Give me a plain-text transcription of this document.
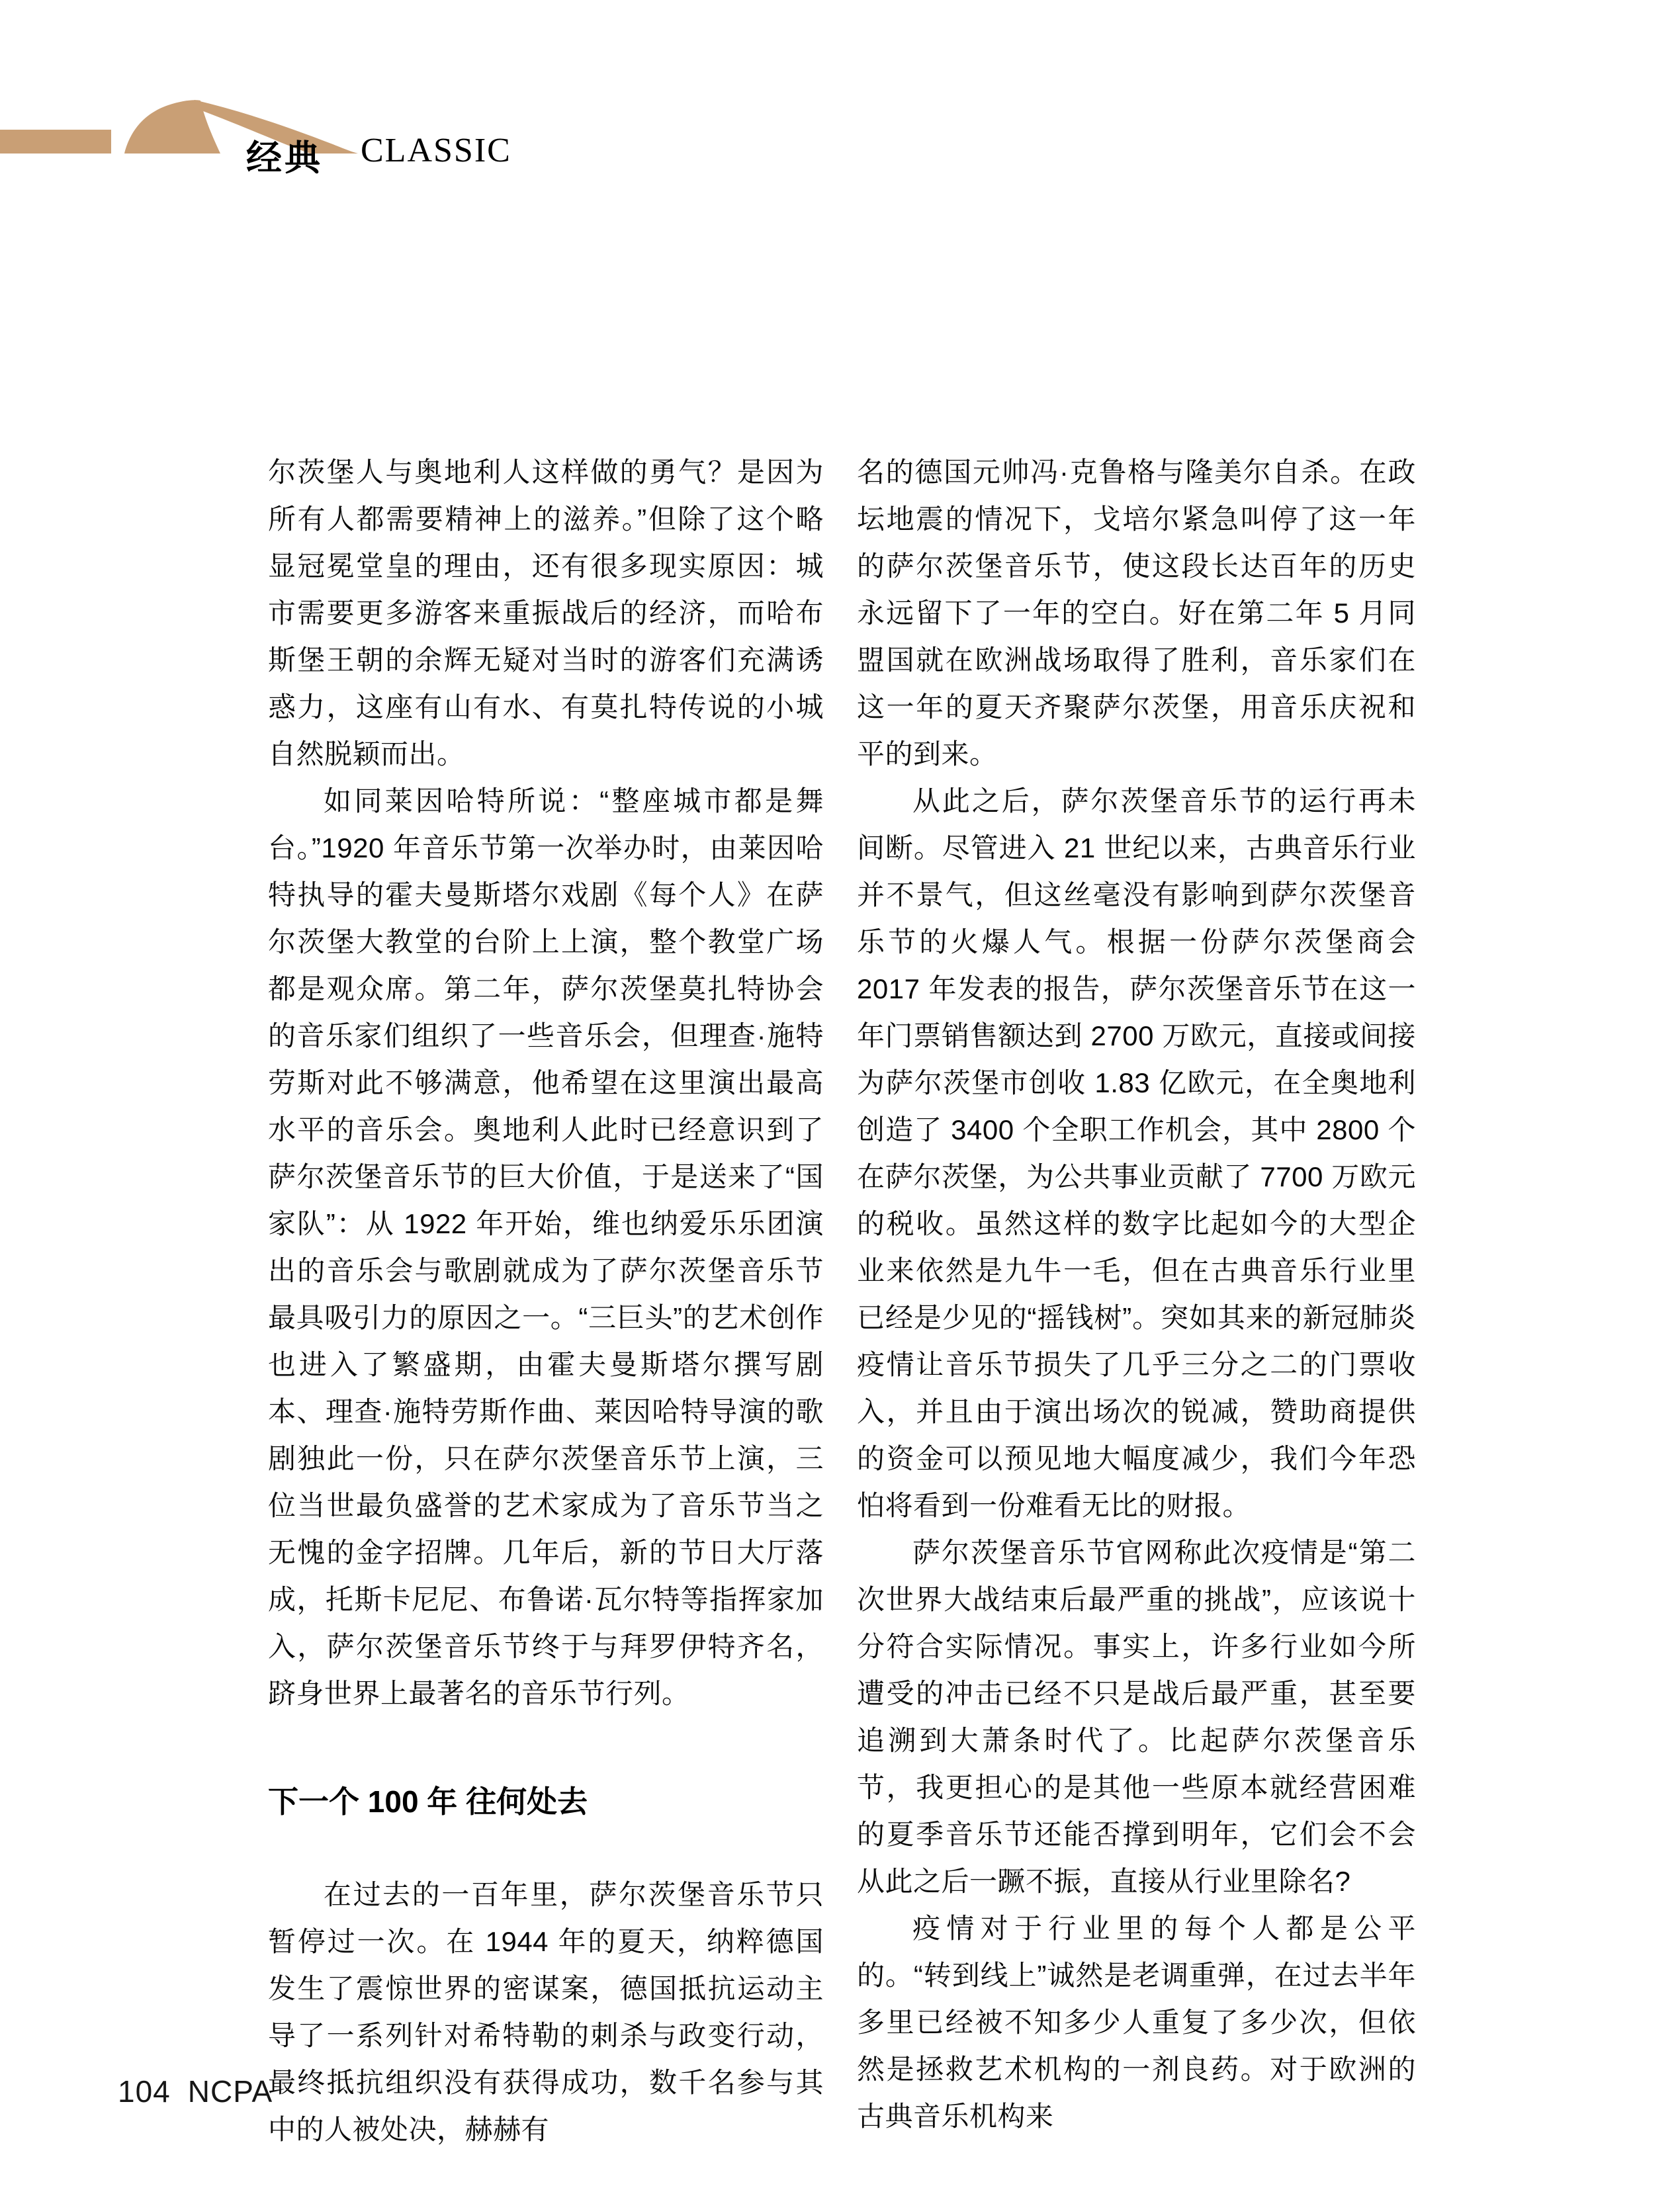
经典 CLASSIC

尔茨堡人与奥地利人这样做的勇气？是因为所有人都需要精神上的滋养。”但除了这个略显冠冕堂皇的理由，还有很多现实原因：城市需要更多游客来重振战后的经济，而哈布斯堡王朝的余辉无疑对当时的游客们充满诱惑力，这座有山有水、有莫扎特传说的小城自然脱颖而出。

如同莱因哈特所说：“整座城市都是舞台。”1920 年音乐节第一次举办时，由莱因哈特执导的霍夫曼斯塔尔戏剧《每个人》在萨尔茨堡大教堂的台阶上上演，整个教堂广场都是观众席。第二年，萨尔茨堡莫扎特协会的音乐家们组织了一些音乐会，但理查·施特劳斯对此不够满意，他希望在这里演出最高水平的音乐会。奥地利人此时已经意识到了萨尔茨堡音乐节的巨大价值，于是送来了“国家队”：从 1922 年开始，维也纳爱乐乐团演出的音乐会与歌剧就成为了萨尔茨堡音乐节最具吸引力的原因之一。“三巨头”的艺术创作也进入了繁盛期，由霍夫曼斯塔尔撰写剧本、理查·施特劳斯作曲、莱因哈特导演的歌剧独此一份，只在萨尔茨堡音乐节上演，三位当世最负盛誉的艺术家成为了音乐节当之无愧的金字招牌。几年后，新的节日大厅落成，托斯卡尼尼、布鲁诺·瓦尔特等指挥家加入，萨尔茨堡音乐节终于与拜罗伊特齐名，跻身世界上最著名的音乐节行列。

下一个 100 年 往何处去

在过去的一百年里，萨尔茨堡音乐节只暂停过一次。在 1944 年的夏天，纳粹德国发生了震惊世界的密谋案，德国抵抗运动主导了一系列针对希特勒的刺杀与政变行动，最终抵抗组织没有获得成功，数千名参与其中的人被处决，赫赫有

名的德国元帅冯·克鲁格与隆美尔自杀。在政坛地震的情况下，戈培尔紧急叫停了这一年的萨尔茨堡音乐节，使这段长达百年的历史永远留下了一年的空白。好在第二年 5 月同盟国就在欧洲战场取得了胜利，音乐家们在这一年的夏天齐聚萨尔茨堡，用音乐庆祝和平的到来。

从此之后，萨尔茨堡音乐节的运行再未间断。尽管进入 21 世纪以来，古典音乐行业并不景气，但这丝毫没有影响到萨尔茨堡音乐节的火爆人气。根据一份萨尔茨堡商会 2017 年发表的报告，萨尔茨堡音乐节在这一年门票销售额达到 2700 万欧元，直接或间接为萨尔茨堡市创收 1.83 亿欧元，在全奥地利创造了 3400 个全职工作机会，其中 2800 个在萨尔茨堡，为公共事业贡献了 7700 万欧元的税收。虽然这样的数字比起如今的大型企业来依然是九牛一毛，但在古典音乐行业里已经是少见的“摇钱树”。突如其来的新冠肺炎疫情让音乐节损失了几乎三分之二的门票收入，并且由于演出场次的锐减，赞助商提供的资金可以预见地大幅度减少，我们今年恐怕将看到一份难看无比的财报。

萨尔茨堡音乐节官网称此次疫情是“第二次世界大战结束后最严重的挑战”，应该说十分符合实际情况。事实上，许多行业如今所遭受的冲击已经不只是战后最严重，甚至要追溯到大萧条时代了。比起萨尔茨堡音乐节，我更担心的是其他一些原本就经营困难的夏季音乐节还能否撑到明年，它们会不会从此之后一蹶不振，直接从行业里除名?

疫情对于行业里的每个人都是公平的。“转到线上”诚然是老调重弹，在过去半年多里已经被不知多少人重复了多少次，但依然是拯救艺术机构的一剂良药。对于欧洲的古典音乐机构来

104 NCPA
